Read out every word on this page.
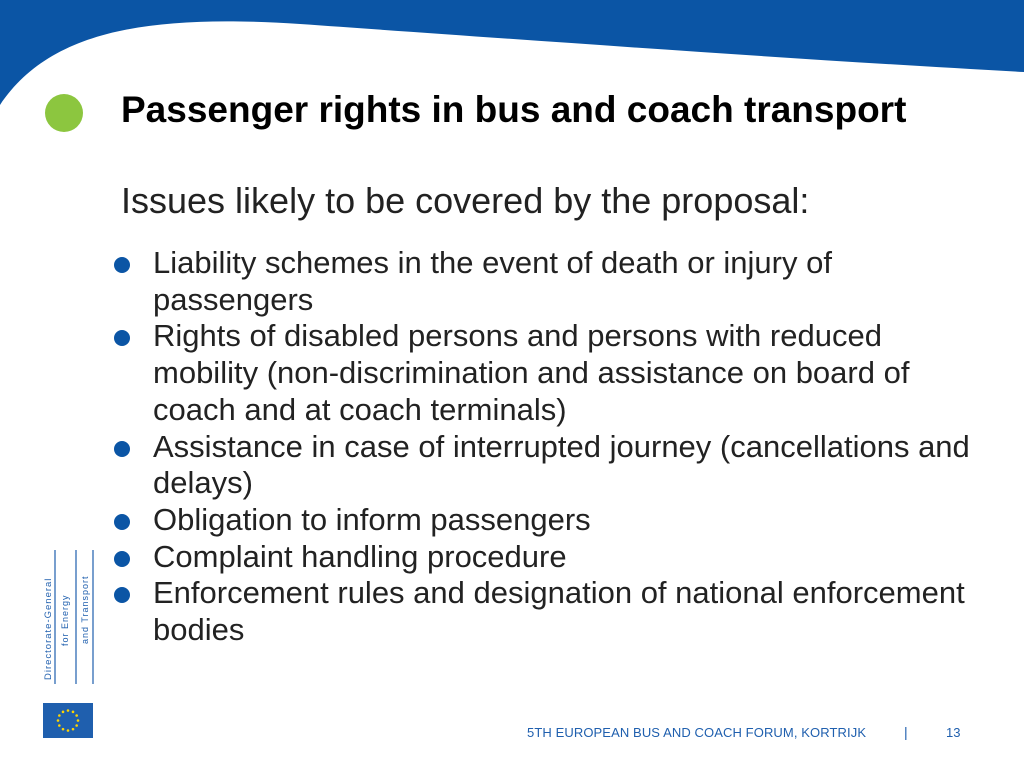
Passenger rights in bus and coach transport
Issues likely to be covered by the proposal:
Liability schemes in the event of death or injury of passengers
Rights of disabled persons and persons with reduced mobility (non-discrimination and assistance on board of coach and at coach terminals)
Assistance in case of interrupted journey (cancellations and delays)
Obligation to inform passengers
Complaint handling procedure
Enforcement rules and designation of national enforcement bodies
Directorate-General for Energy and Transport
5TH EUROPEAN BUS AND COACH FORUM, KORTRIJK	|	13
